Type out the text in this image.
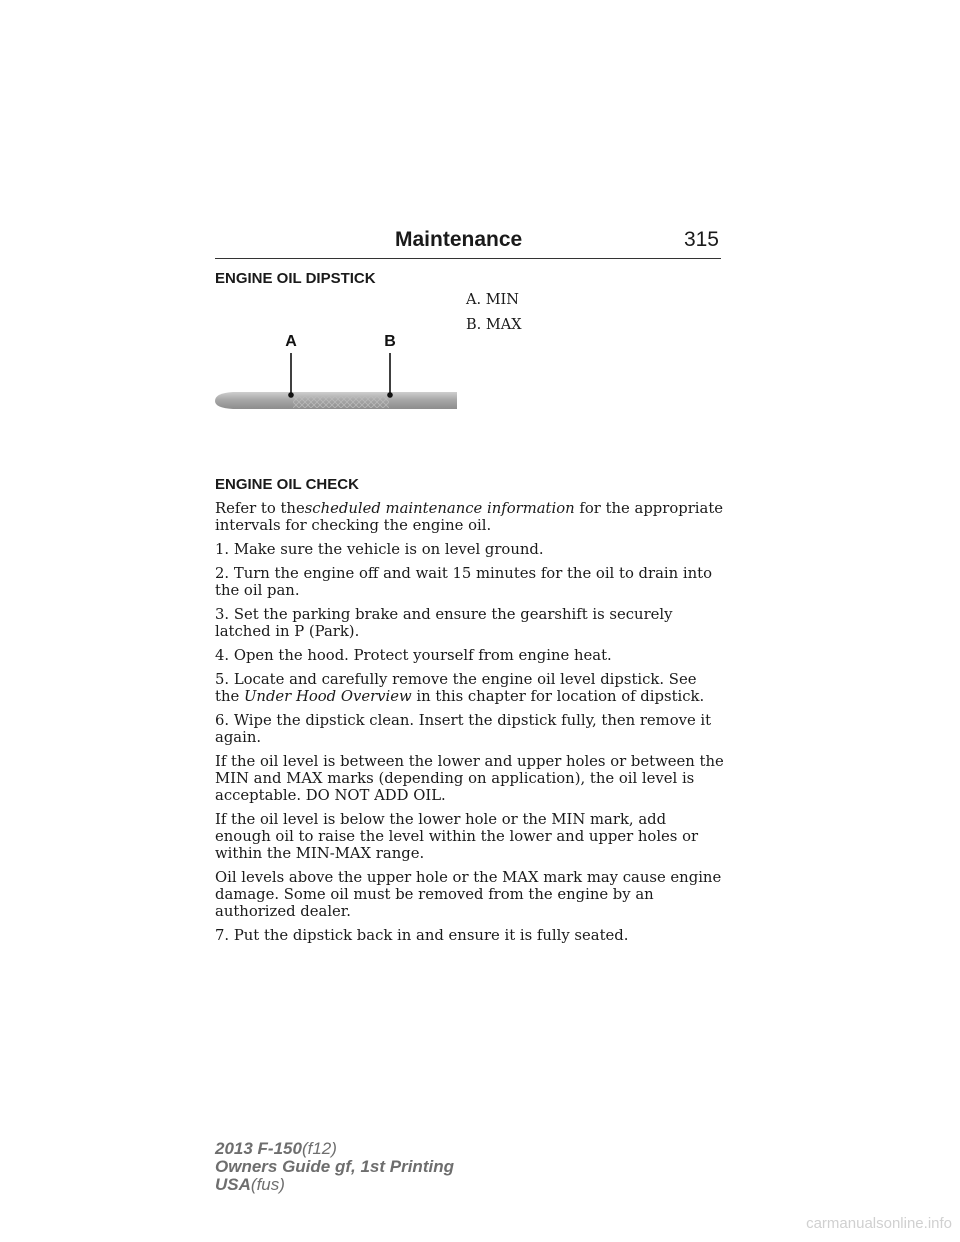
Maintenance	315
ENGINE OIL DIPSTICK
A. MIN
B. MAX
A	B
ENGINE OIL CHECK

Refer to thescheduled maintenance information for the appropriate intervals for checking the engine oil.

1. Make sure the vehicle is on level ground.

2. Turn the engine off and wait 15 minutes for the oil to drain into the oil pan.

3. Set the parking brake and ensure the gearshift is securely latched in P (Park).

4. Open the hood. Protect yourself from engine heat.

5. Locate and carefully remove the engine oil level dipstick. See the Under Hood Overview in this chapter for location of dipstick.

6. Wipe the dipstick clean. Insert the dipstick fully, then remove it again.

If the oil level is between the lower and upper holes or between the MIN and MAX marks (depending on application), the oil level is acceptable. DO NOT ADD OIL.

If the oil level is below the lower hole or the MIN mark, add enough oil to raise the level within the lower and upper holes or within the MIN-MAX range.

Oil levels above the upper hole or the MAX mark may cause engine damage. Some oil must be removed from the engine by an authorized dealer.

7. Put the dipstick back in and ensure it is fully seated.

2013 F-150(f12)
Owners Guide gf, 1st Printing
USA(fus)
carmanualsonline.info
